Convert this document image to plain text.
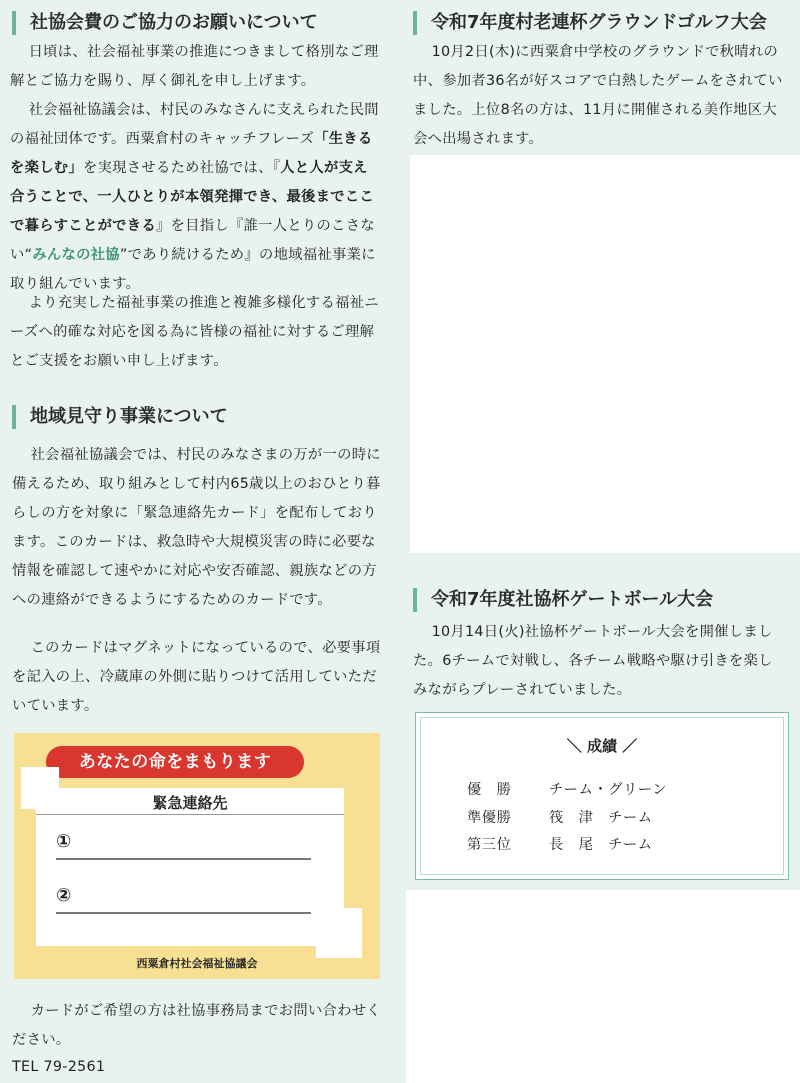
社協会費のご協力のお願いについて

日頃は、社会福祉事業の推進につきまして格別なご理解とご協力を賜り、厚く御礼を申し上げます。

社会福祉協議会は、村民のみなさんに支えられた民間の福祉団体です。西粟倉村のキャッチフレーズ「生きるを楽しむ」を実現させるため社協では、『人と人が支え合うことで、一人ひとりが本領発揮でき、最後までここで暮らすことができる』を目指し『誰一人とりのこさない“みんなの社協”であり続けるため』の地域福祉事業に取り組んでいます。

より充実した福祉事業の推進と複雑多様化する福祉ニーズへ的確な対応を図る為に皆様の福祉に対するご理解とご支援をお願い申し上げます。

地域見守り事業について

社会福祉協議会では、村民のみなさまの万が一の時に備えるため、取り組みとして村内65歳以上のおひとり暮らしの方を対象に「緊急連絡先カード」を配布しております。このカードは、救急時や大規模災害の時に必要な情報を確認して速やかに対応や安否確認、親族などの方への連絡ができるようにするためのカードです。

このカードはマグネットになっているので、必要事項を記入の上、冷蔵庫の外側に貼りつけて活用していただいています。

あなたの命をまもります
緊急連絡先
①
②
西粟倉村社会福祉協議会

カードがご希望の方は社協事務局までお問い合わせください。

TEL 79-2561

令和7年度村老連杯グラウンドゴルフ大会

10月2日(木)に西粟倉中学校のグラウンドで秋晴れの中、参加者36名が好スコアで白熱したゲームをされていました。上位8名の方は、11月に開催される美作地区大会へ出場されます。

令和7年度社協杯ゲートボール大会

10月14日(火)社協杯ゲートボール大会を開催しました。6チームで対戦し、各チーム戦略や駆け引きを楽しみながらプレーされていました。

＼ 成績 ／
優　勝	チーム・グリーン
準優勝	筏　津　チーム
第三位	長　尾　チーム
